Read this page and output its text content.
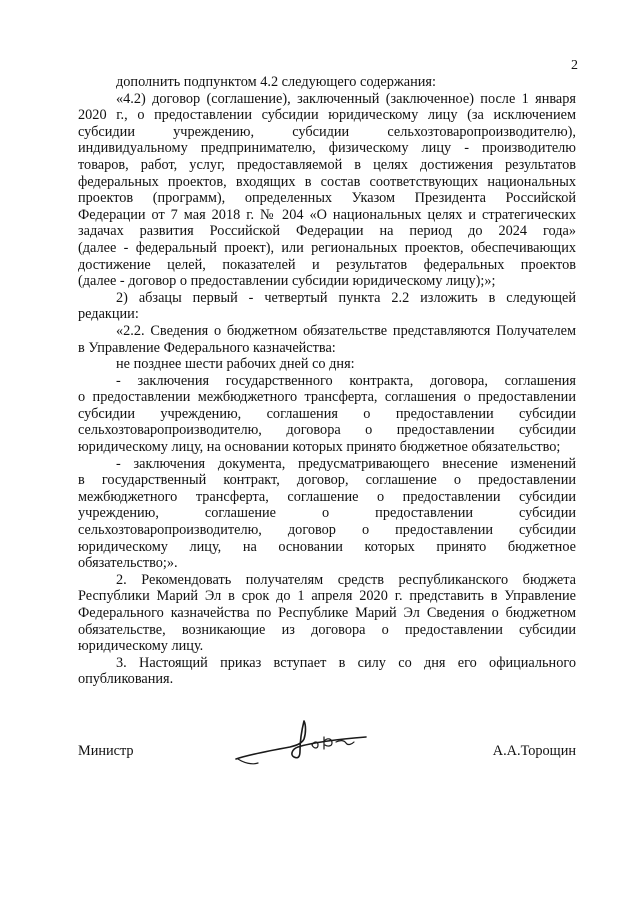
2

дополнить подпунктом 4.2 следующего содержания:

«4.2) договор (соглашение), заключенный (заключенное) после 1 января
2020 г., о предоставлении субсидии юридическому лицу (за исключением
субсидии учреждению, субсидии сельхозтоваропроизводителю),
индивидуальному предпринимателю, физическому лицу - производителю
товаров, работ, услуг, предоставляемой в целях достижения результатов
федеральных проектов, входящих в состав соответствующих национальных
проектов (программ), определенных Указом Президента Российской
Федерации от 7 мая 2018 г. № 204 «О национальных целях и стратегических
задачах развития Российской Федерации на период до 2024 года»
(далее - федеральный проект), или региональных проектов, обеспечивающих
достижение целей, показателей и результатов федеральных проектов
(далее - договор о предоставлении субсидии юридическому лицу);»;

2) абзацы первый - четвертый пункта 2.2 изложить в следующей
редакции:

«2.2. Сведения о бюджетном обязательстве представляются Получателем
в Управление Федерального казначейства:

не позднее шести рабочих дней со дня:

- заключения государственного контракта, договора, соглашения
о предоставлении межбюджетного трансферта, соглашения о предоставлении
субсидии учреждению, соглашения о предоставлении субсидии
сельхозтоваропроизводителю, договора о предоставлении субсидии
юридическому лицу, на основании которых принято бюджетное обязательство;

- заключения документа, предусматривающего внесение изменений
в государственный контракт, договор, соглашение о предоставлении
межбюджетного трансферта, соглашение о предоставлении субсидии
учреждению, соглашение о предоставлении субсидии
сельхозтоваропроизводителю, договор о предоставлении субсидии
юридическому лицу, на основании которых принято бюджетное
обязательство;».

2. Рекомендовать получателям средств республиканского бюджета
Республики Марий Эл в срок до 1 апреля 2020 г. представить в Управление
Федерального казначейства по Республике Марий Эл Сведения о бюджетном
обязательстве, возникающие из договора о предоставлении субсидии
юридическому лицу.

3. Настоящий приказ вступает в силу со дня его официального
опубликования.

Министр	А.А.Торощин
